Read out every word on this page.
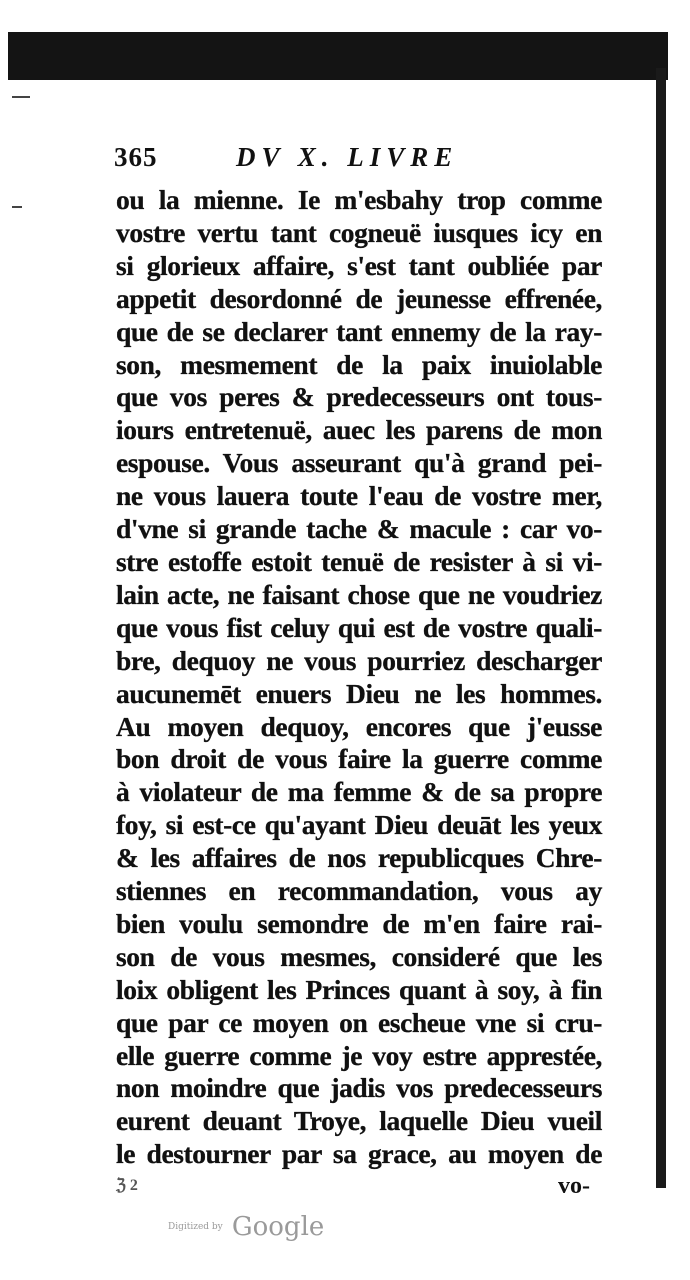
365	DV X. LIVRE
ou la mienne. Ie m'esbahy trop comme
vostre vertu tant cogneuë iusques icy en
si glorieux affaire, s'est tant oubliée par
appetit desordonné de jeunesse effrenée,
que de se declarer tant ennemy de la ray-
son, mesmement de la paix inuiolable
que vos peres & predecesseurs ont tous-
iours entretenuë, auec les parens de mon
espouse. Vous asseurant qu'à grand pei-
ne vous lauera toute l'eau de vostre mer,
d'vne si grande tache & macule : car vo-
stre estoffe estoit tenuë de resister à si vi-
lain acte, ne faisant chose que ne voudriez
que vous fist celuy qui est de vostre quali-
bre, dequoy ne vous pourriez descharger
aucunemēt enuers Dieu ne les hommes.
Au moyen dequoy, encores que j'eusse
bon droit de vous faire la guerre comme
à violateur de ma femme & de sa propre
foy, si est-ce qu'ayant Dieu deuāt les yeux
& les affaires de nos republicques Chre-
stiennes en recommandation, vous ay
bien voulu semondre de m'en faire rai-
son de vous mesmes, consideré que les
loix obligent les Princes quant à soy, à fin
que par ce moyen on escheue vne si cru-
elle guerre comme je voy estre apprestée,
non moindre que jadis vos predecesseurs
eurent deuant Troye, laquelle Dieu vueil
le destourner par sa grace, au moyen de
ℨ 2	vo-
Digitized by Google
